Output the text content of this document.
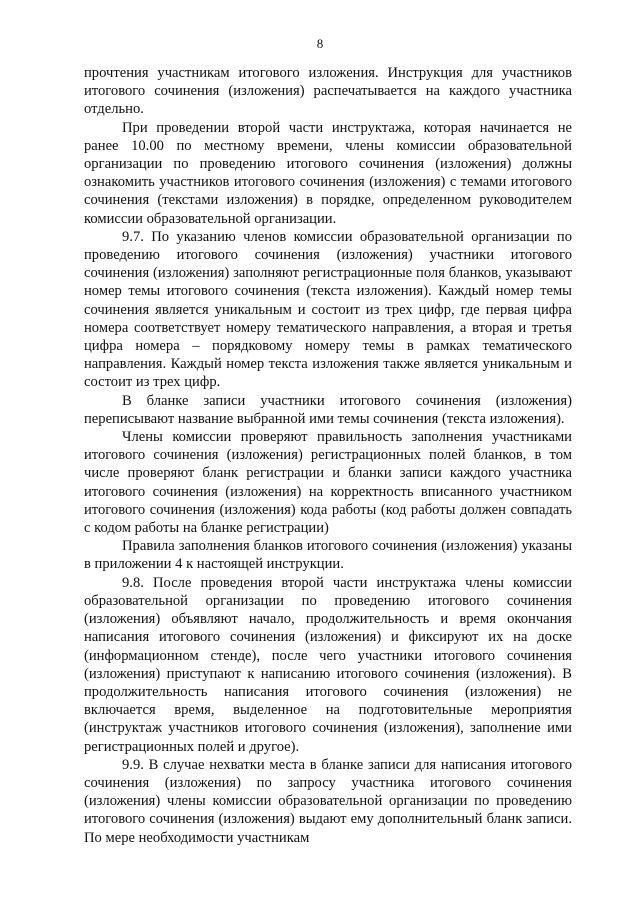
8

прочтения участникам итогового изложения. Инструкция для участников итогового сочинения (изложения) распечатывается на каждого участника отдельно.

При проведении второй части инструктажа, которая начинается не ранее 10.00 по местному времени, члены комиссии образовательной организации по проведению итогового сочинения (изложения) должны ознакомить участников итогового сочинения (изложения) с темами итогового сочинения (текстами изложения) в порядке, определенном руководителем комиссии образовательной организации.

9.7. По указанию членов комиссии образовательной организации по проведению итогового сочинения (изложения) участники итогового сочинения (изложения) заполняют регистрационные поля бланков, указывают номер темы итогового сочинения (текста изложения). Каждый номер темы сочинения является уникальным и состоит из трех цифр, где первая цифра номера соответствует номеру тематического направления, а вторая и третья цифра номера – порядковому номеру темы в рамках тематического направления. Каждый номер текста изложения также является уникальным и состоит из трех цифр.

В бланке записи участники итогового сочинения (изложения) переписывают название выбранной ими темы сочинения (текста изложения).

Члены комиссии проверяют правильность заполнения участниками итогового сочинения (изложения) регистрационных полей бланков, в том числе проверяют бланк регистрации и бланки записи каждого участника итогового сочинения (изложения) на корректность вписанного участником итогового сочинения (изложения) кода работы (код работы должен совпадать с кодом работы на бланке регистрации)

Правила заполнения бланков итогового сочинения (изложения) указаны в приложении 4 к настоящей инструкции.

9.8. После проведения второй части инструктажа члены комиссии образовательной организации по проведению итогового сочинения (изложения) объявляют начало, продолжительность и время окончания написания итогового сочинения (изложения) и фиксируют их на доске (информационном стенде), после чего участники итогового сочинения (изложения) приступают к написанию итогового сочинения (изложения). В продолжительность написания итогового сочинения (изложения) не включается время, выделенное на подготовительные мероприятия (инструктаж участников итогового сочинения (изложения), заполнение ими регистрационных полей и другое).

9.9. В случае нехватки места в бланке записи для написания итогового сочинения (изложения) по запросу участника итогового сочинения (изложения) члены комиссии образовательной организации по проведению итогового сочинения (изложения) выдают ему дополнительный бланк записи. По мере необходимости участникам
